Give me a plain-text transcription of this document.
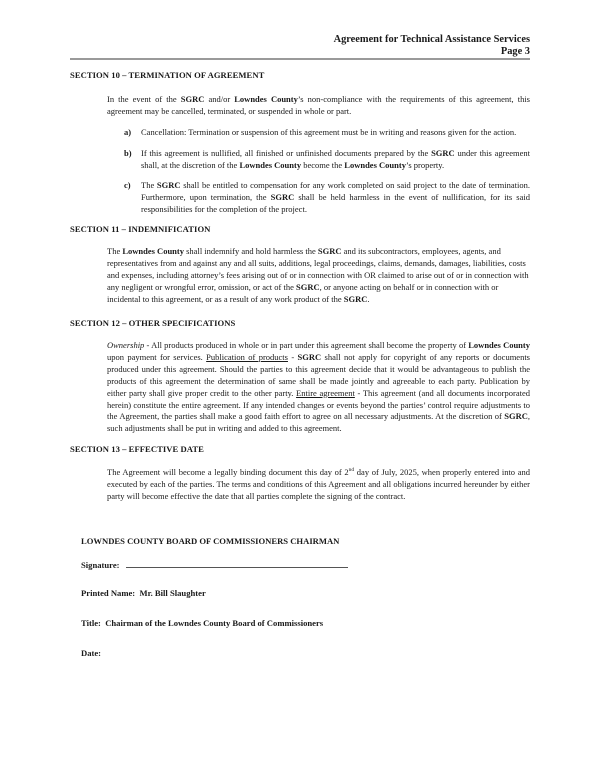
Agreement for Technical Assistance Services
Page 3
SECTION 10 – TERMINATION OF AGREEMENT
In the event of the SGRC and/or Lowndes County’s non-compliance with the requirements of this agreement, this agreement may be cancelled, terminated, or suspended in whole or part.
a) Cancellation: Termination or suspension of this agreement must be in writing and reasons given for the action.
b) If this agreement is nullified, all finished or unfinished documents prepared by the SGRC under this agreement shall, at the discretion of the Lowndes County become the Lowndes County’s property.
c) The SGRC shall be entitled to compensation for any work completed on said project to the date of termination. Furthermore, upon termination, the SGRC shall be held harmless in the event of nullification, for its said responsibilities for the completion of the project.
SECTION 11 – INDEMNIFICATION
The Lowndes County shall indemnify and hold harmless the SGRC and its subcontractors, employees, agents, and representatives from and against any and all suits, additions, legal proceedings, claims, demands, damages, liabilities, costs and expenses, including attorney’s fees arising out of or in connection with OR claimed to arise out of or in connection with any negligent or wrongful error, omission, or act of the SGRC, or anyone acting on behalf or in connection with or incidental to this agreement, or as a result of any work product of the SGRC.
SECTION 12 – OTHER SPECIFICATIONS
Ownership - All products produced in whole or in part under this agreement shall become the property of Lowndes County upon payment for services. Publication of products - SGRC shall not apply for copyright of any reports or documents produced under this agreement. Should the parties to this agreement decide that it would be advantageous to publish the products of this agreement the determination of same shall be made jointly and agreeable to each party. Publication by either party shall give proper credit to the other party. Entire agreement - This agreement (and all documents incorporated herein) constitute the entire agreement. If any intended changes or events beyond the parties’ control require adjustments to the Agreement, the parties shall make a good faith effort to agree on all necessary adjustments. At the discretion of SGRC, such adjustments shall be put in writing and added to this agreement.
SECTION 13 – EFFECTIVE DATE
The Agreement will become a legally binding document this day of 2nd day of July, 2025, when properly entered into and executed by each of the parties. The terms and conditions of this Agreement and all obligations incurred hereunder by either party will become effective the date that all parties complete the signing of the contract.
LOWNDES COUNTY BOARD OF COMMISSIONERS CHAIRMAN
Signature:
Printed Name: Mr. Bill Slaughter
Title: Chairman of the Lowndes County Board of Commissioners
Date:
